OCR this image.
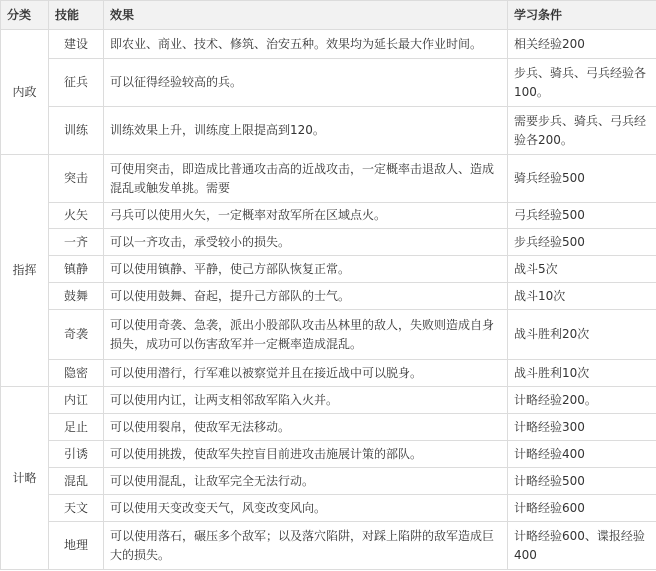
分类	技能	效果	学习条件
内政	建设	即农业、商业、技术、修筑、治安五种。效果均为延长最大作业时间。	相关经验200
	征兵	可以征得经验较高的兵。	步兵、骑兵、弓兵经验各100。
	训练	训练效果上升，训练度上限提高到120。	需要步兵、骑兵、弓兵经验各200。
指挥	突击	可使用突击，即造成比普通攻击高的近战攻击，一定概率击退敌人、造成混乱或触发单挑。需要	骑兵经验500
	火矢	弓兵可以使用火矢，一定概率对敌军所在区域点火。	弓兵经验500
	一齐	可以一齐攻击，承受较小的损失。	步兵经验500
	镇静	可以使用镇静、平静，使己方部队恢复正常。	战斗5次
	鼓舞	可以使用鼓舞、奋起，提升己方部队的士气。	战斗10次
	奇袭	可以使用奇袭、急袭，派出小股部队攻击丛林里的敌人，失败则造成自身损失，成功可以伤害敌军并一定概率造成混乱。	战斗胜利20次
	隐密	可以使用潜行，行军难以被察觉并且在接近战中可以脱身。	战斗胜利10次
计略	内讧	可以使用内讧，让两支相邻敌军陷入火并。	计略经验200。
	足止	可以使用裂帛，使敌军无法移动。	计略经验300
	引诱	可以使用挑拨，使敌军失控盲目前进攻击施展计策的部队。	计略经验400
	混乱	可以使用混乱，让敌军完全无法行动。	计略经验500
	天文	可以使用天变改变天气，风变改变风向。	计略经验600
	地理	可以使用落石，碾压多个敌军；以及落穴陷阱，对踩上陷阱的敌军造成巨大的损失。	计略经验600、谍报经验400
